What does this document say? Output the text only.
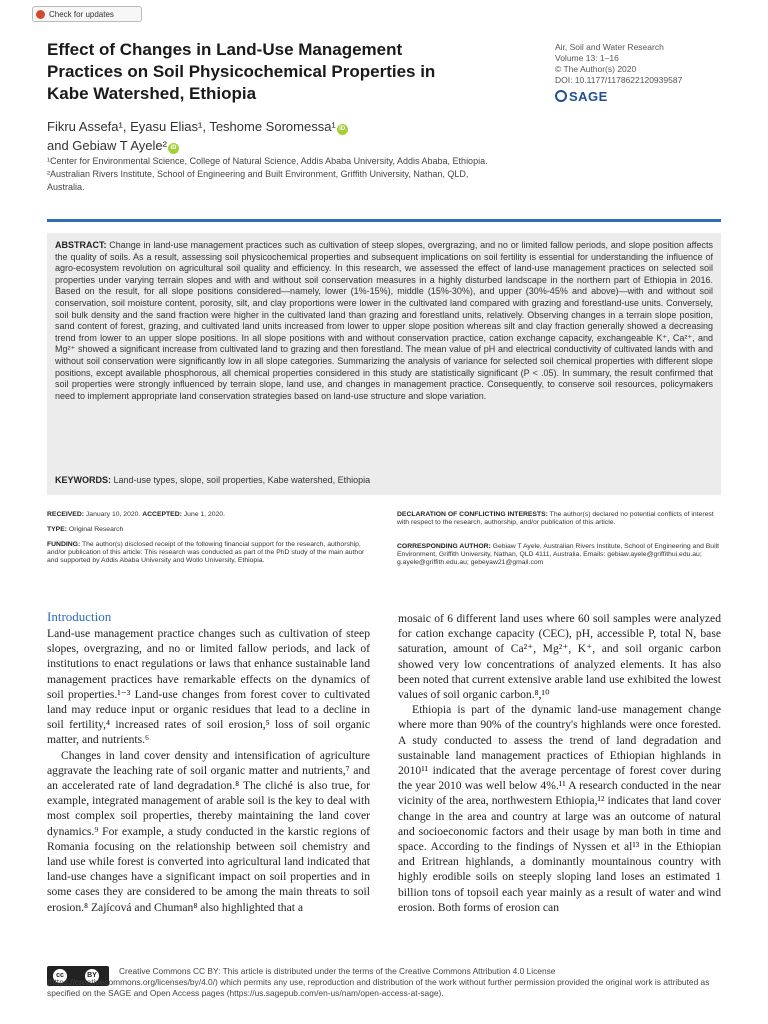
Check for updates
Effect of Changes in Land-Use Management Practices on Soil Physicochemical Properties in Kabe Watershed, Ethiopia
Air, Soil and Water Research
Volume 13: 1–16
© The Author(s) 2020
DOI: 10.1177/1178622120939587
SAGE
Fikru Assefa¹, Eyasu Elias¹, Teshome Soromessa¹ iD
and Gebiaw T Ayele² iD
¹Center for Environmental Science, College of Natural Science, Addis Ababa University, Addis Ababa, Ethiopia. ²Australian Rivers Institute, School of Engineering and Built Environment, Griffith University, Nathan, QLD, Australia.
ABSTRACT: Change in land-use management practices such as cultivation of steep slopes, overgrazing, and no or limited fallow periods, and slope position affects the quality of soils. As a result, assessing soil physicochemical properties and subsequent implications on soil fertility is essential for understanding the influence of agro-ecosystem revolution on agricultural soil quality and efficiency. In this research, we assessed the effect of land-use management practices on selected soil properties under varying terrain slopes and with and without soil conservation measures in a highly disturbed landscape in the northern part of Ethiopia in 2016. Based on the result, for all slope positions considered—namely, lower (1%-15%), middle (15%-30%), and upper (30%-45% and above)—with and without soil conservation, soil moisture content, porosity, silt, and clay proportions were lower in the cultivated land compared with grazing and forestland-use units. Conversely, soil bulk density and the sand fraction were higher in the cultivated land than grazing and forestland units, relatively. Observing changes in a terrain slope position, sand content of forest, grazing, and cultivated land units increased from lower to upper slope position whereas silt and clay fraction generally showed a decreasing trend from lower to an upper slope positions. In all slope positions with and without conservation practice, cation exchange capacity, exchangeable K⁺, Ca²⁺, and Mg²⁺ showed a significant increase from cultivated land to grazing and then forestland. The mean value of pH and electrical conductivity of cultivated lands with and without soil conservation were significantly low in all slope categories. Summarizing the analysis of variance for selected soil chemical properties with different slope positions, except available phosphorous, all chemical properties considered in this study are statistically significant (P < .05). In summary, the result confirmed that soil properties were strongly influenced by terrain slope, land use, and changes in management practice. Consequently, to conserve soil resources, policymakers need to implement appropriate land conservation strategies based on land-use structure and slope variation.
KEYWORDS: Land-use types, slope, soil properties, Kabe watershed, Ethiopia
RECEIVED: January 10, 2020. ACCEPTED: June 1, 2020.
TYPE: Original Research
FUNDING: The author(s) disclosed receipt of the following financial support for the research, authorship, and/or publication of this article: This research was conducted as part of the PhD study of the main author and supported by Addis Ababa University and Wollo University, Ethiopia.
DECLARATION OF CONFLICTING INTERESTS: The author(s) declared no potential conflicts of interest with respect to the research, authorship, and/or publication of this article.
CORRESPONDING AUTHOR: Gebiaw T Ayele, Australian Rivers Institute, School of Engineering and Built Environment, Griffith University, Nathan, QLD 4111, Australia. Emails: gebiaw.ayele@griffithui.edu.au; g.ayele@griffith.edu.au; gebeyaw21@gmail.com
Introduction

Land-use management practice changes such as cultivation of steep slopes, overgrazing, and no or limited fallow periods, and lack of institutions to enact regulations or laws that enhance sustainable land management practices have remarkable effects on the dynamics of soil properties.¹⁻³ Land-use changes from forest cover to cultivated land may reduce input or organic residues that lead to a decline in soil fertility,⁴ increased rates of soil erosion,⁵ loss of soil organic matter, and nutrients.⁶

Changes in land cover density and intensification of agriculture aggravate the leaching rate of soil organic matter and nutrients,⁷ and an accelerated rate of land degradation.⁸ The cliché is also true, for example, integrated management of arable soil is the key to deal with most complex soil properties, thereby maintaining the land cover dynamics.⁹ For example, a study conducted in the karstic regions of Romania focusing on the relationship between soil chemistry and land use while forest is converted into agricultural land indicated that land-use changes have a significant impact on soil properties and in some cases they are considered to be among the main threats to soil erosion.⁸ Zajícová and Chuman⁸ also highlighted that a

mosaic of 6 different land uses where 60 soil samples were analyzed for cation exchange capacity (CEC), pH, accessible P, total N, base saturation, amount of Ca²⁺, Mg²⁺, K⁺, and soil organic carbon showed very low concentrations of analyzed elements. It has also been noted that current extensive arable land use exhibited the lowest values of soil organic carbon.⁸,¹⁰

Ethiopia is part of the dynamic land-use management change where more than 90% of the country's highlands were once forested. A study conducted to assess the trend of land degradation and sustainable land management practices of Ethiopian highlands in 2010¹¹ indicated that the average percentage of forest cover during the year 2010 was well below 4%.¹¹ A research conducted in the near vicinity of the area, northwestern Ethiopia,¹² indicates that land cover change in the area and country at large was an outcome of natural and socioeconomic factors and their usage by man both in time and space. According to the findings of Nyssen et al¹³ in the Ethiopian and Eritrean highlands, a dominantly mountainous country with highly erodible soils on steeply sloping land loses an estimated 1 billion tons of topsoil each year mainly as a result of water and wind erosion. Both forms of erosion can

cc	BY	Creative Commons CC BY: This article is distributed under the terms of the Creative Commons Attribution 4.0 License (https://creativecommons.org/licenses/by/4.0/) which permits any use, reproduction and distribution of the work without further permission provided the original work is attributed as specified on the SAGE and Open Access pages (https://us.sagepub.com/en-us/nam/open-access-at-sage).
